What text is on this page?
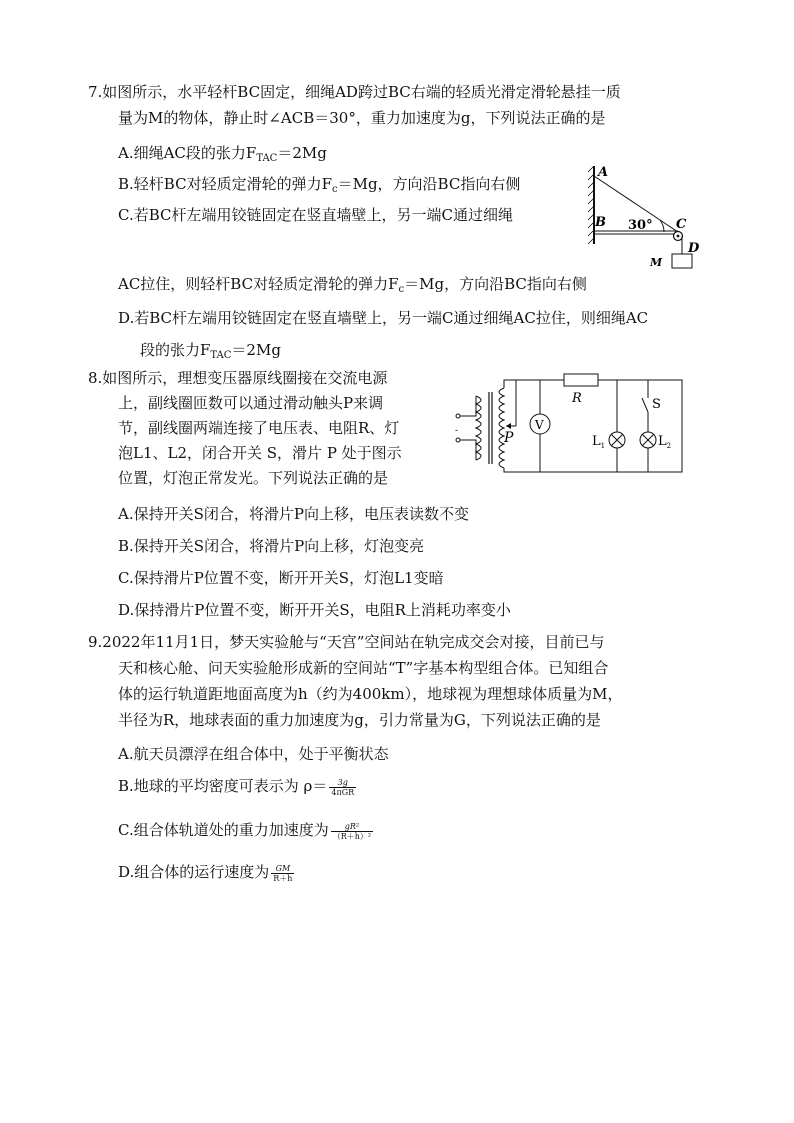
7.如图所示，水平轻杆BC固定，细绳AD跨过BC右端的轻质光滑定滑轮悬挂一质
量为M的物体，静止时∠ACB＝30°，重力加速度为g，下列说法正确的是
A.细绳AC段的张力$F_{TAC}=2Mg$
B.轻杆BC对轻质定滑轮的弹力$F_c=Mg$，方向沿BC指向右侧
C.若BC杆左端用铰链固定在竖直墙壁上，另一端C通过细绳
AC拉住，则轻杆BC对轻质定滑轮的弹力$F_c=Mg$，方向沿BC指向右侧
D.若BC杆左端用铰链固定在竖直墙壁上，另一端C通过细绳AC拉住，则细绳AC
段的张力$F_{TAC}=2Mg$
A
B	C
D
M
30°
8.如图所示，理想变压器原线圈接在交流电源
上，副线圈匝数可以通过滑动触头P来调
节，副线圈两端连接了电压表、电阻R、灯
泡L1、L2，闭合开关 S，滑片 P 处于图示
位置，灯泡正常发光。下列说法正确的是
A.保持开关S闭合，将滑片P向上移，电压表读数不变
B.保持开关S闭合，将滑片P向上移，灯泡变亮
C.保持滑片P位置不变，断开开关S，灯泡L1变暗
D.保持滑片P位置不变，断开开关S，电阻R上消耗功率变小
-	P
V
R
$L_1$
S
$L_2$
9.2022年11月1日，梦天实验舱与“天宫”空间站在轨完成交会对接，目前已与
天和核心舱、问天实验舱形成新的空间站“T”字基本构型组合体。已知组合
体的运行轨道距地面高度为h（约为400km），地球视为理想球体质量为M，
半径为R，地球表面的重力加速度为g，引力常量为G，下列说法正确的是
A.航天员漂浮在组合体中，处于平衡状态
B.地球的平均密度可表示为 $\rho= \frac{3g}{\text{4πGR}}$
C.组合体轨道处的重力加速度为 $\frac{\text{gR²}}{\text{（R＋h）²}}$
D.组合体的运行速度为 $\frac{GM}{R+h}$
